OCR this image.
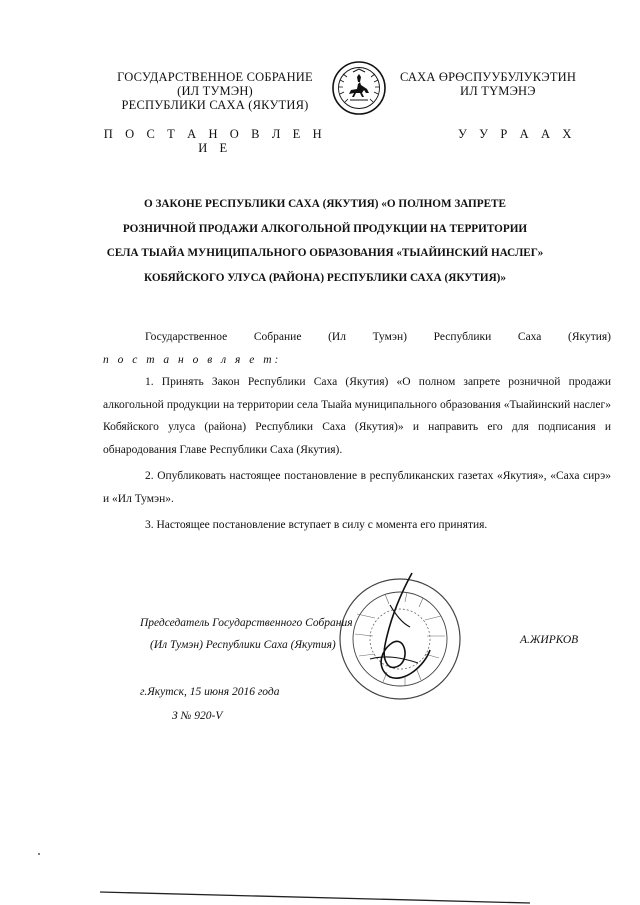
ГОСУДАРСТВЕННОЕ СОБРАНИЕ
(ИЛ ТУМЭН)
РЕСПУБЛИКИ САХА (ЯКУТИЯ)
П О С Т А Н О В Л Е Н И Е
САХА ӨРӨСПУУБУЛУКЭТИН
ИЛ ТҮМЭНЭ
У У Р А А Х
О ЗАКОНЕ РЕСПУБЛИКИ САХА (ЯКУТИЯ) «О ПОЛНОМ ЗАПРЕТЕ
РОЗНИЧНОЙ ПРОДАЖИ АЛКОГОЛЬНОЙ ПРОДУКЦИИ НА ТЕРРИТОРИИ
СЕЛА ТЫАЙА МУНИЦИПАЛЬНОГО ОБРАЗОВАНИЯ «ТЫАЙИНСКИЙ НАСЛЕГ»
КОБЯЙСКОГО УЛУСА (РАЙОНА) РЕСПУБЛИКИ САХА (ЯКУТИЯ)»
Государственное Собрание (Ил Тумэн) Республики Саха (Якутия)

п о с т а н о в л я е т:

1. Принять Закон Республики Саха (Якутия) «О полном запрете розничной продажи алкогольной продукции на территории села Тыайа муниципального образования «Тыайинский наслег» Кобяйского улуса (района) Республики Саха (Якутия)» и направить его для подписания и обнародования Главе Республики Саха (Якутия).

2. Опубликовать настоящее постановление в республиканских газетах «Якутия», «Саха сирэ» и «Ил Тумэн».

3. Настоящее постановление вступает в силу с момента его принятия.

Председатель Государственного Собрания
(Ил Тумэн) Республики Саха (Якутия)	А.ЖИРКОВ
г.Якутск, 15 июня 2016 года
З № 920-V
